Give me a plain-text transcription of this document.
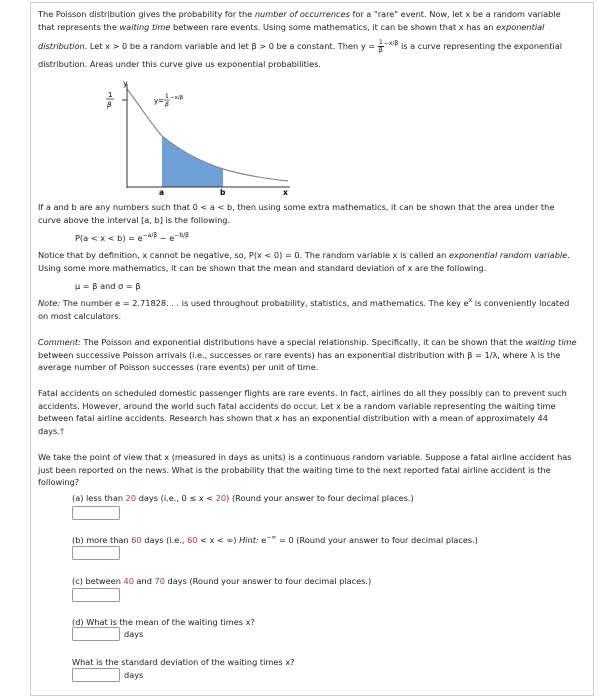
The Poisson distribution gives the probability for the number of occurrences for a "rare" event. Now, let x be a random variable
that represents the waiting time between rare events. Using some mathematics, it can be shown that x has an exponential

distribution. Let x > 0 be a random variable and let β > 0 be a constant. Then $y = \frac{1}{\beta} ^{-x/\beta}$ is a curve representing the exponential

distribution. Areas under this curve give us exponential probabilities.

y
1
β	y=
1
β
−x/β
a	b	x

If a and b are any numbers such that 0 < a < b, then using some extra mathematics, it can be shown that the area under the
curve above the interval [a, b] is the following.

$P(a < x < b) = e^{-a/\beta} - e^{-b/\beta}$

Notice that by definition, x cannot be negative, so, P(x < 0) = 0. The random variable x is called an exponential random variable.
Using some more mathematics, it can be shown that the mean and standard deviation of x are the following.

μ = β and σ = β

Note: The number e = 2.71828. . . is used throughout probability, statistics, and mathematics. The key $e^x$ is conveniently located
on most calculators.

Comment: The Poisson and exponential distributions have a special relationship. Specifically, it can be shown that the waiting time
between successive Poisson arrivals (i.e., successes or rare events) has an exponential distribution with β = 1/λ, where λ is the
average number of Poisson successes (rare events) per unit of time.

Fatal accidents on scheduled domestic passenger flights are rare events. In fact, airlines do all they possibly can to prevent such
accidents. However, around the world such fatal accidents do occur. Let x be a random variable representing the waiting time
between fatal airline accidents. Research has shown that x has an exponential distribution with a mean of approximately 44
days.†

We take the point of view that x (measured in days as units) is a continuous random variable. Suppose a fatal airline accident has
just been reported on the news. What is the probability that the waiting time to the next reported fatal airline accident is the
following?

(a) less than 20 days (i.e., 0 ≤ x < 20) (Round your answer to four decimal places.)
(b) more than 60 days (i.e., 60 < x < ∞) Hint: e−∞ = 0 (Round your answer to four decimal places.)
(c) between 40 and 70 days (Round your answer to four decimal places.)
(d) What is the mean of the waiting times x?
days
What is the standard deviation of the waiting times x?
days
